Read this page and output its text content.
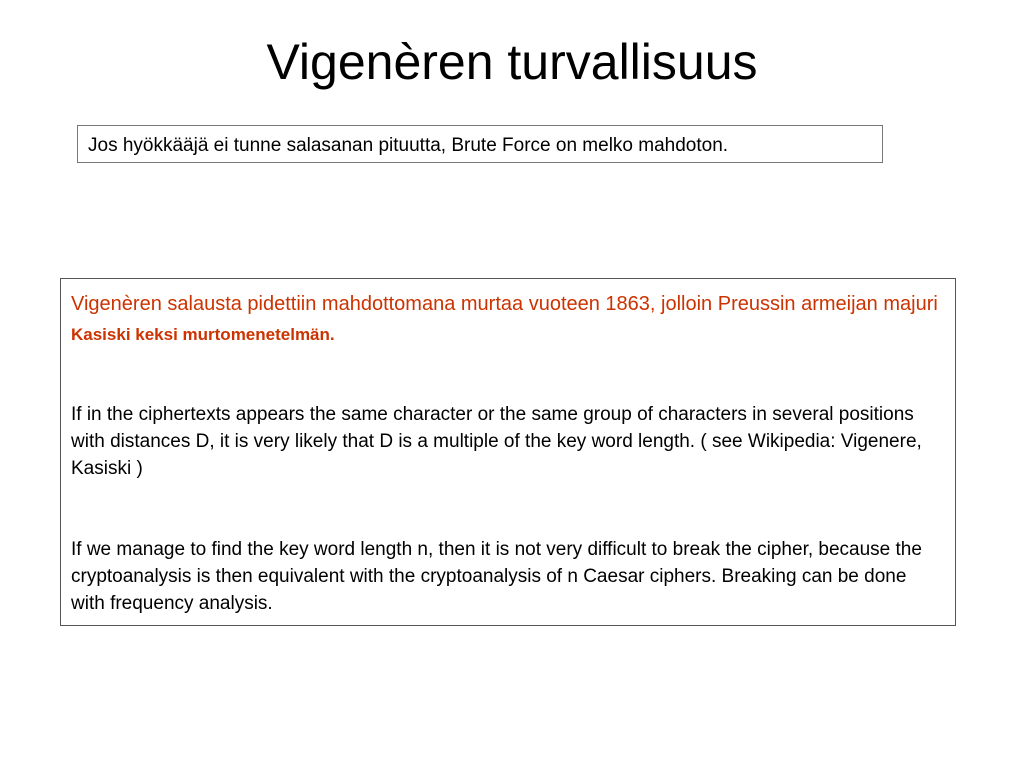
Vigenèren turvallisuus
Jos hyökkääjä ei tunne salasanan pituutta, Brute Force on melko mahdoton.

Vigenèren salausta pidettiin mahdottomana murtaa vuoteen 1863, jolloin Preussin armeijan majuri Kasiski keksi murtomenetelmän.

If in the ciphertexts appears the same character or the same group of characters in several positions with distances D, it is very likely that D is a multiple of the key word length. ( see Wikipedia: Vigenere, Kasiski )

If we manage to find the key word length n, then it is not very difficult to break the cipher, because the cryptoanalysis is then equivalent with the cryptoanalysis of n Caesar ciphers. Breaking can be done with frequency analysis.
